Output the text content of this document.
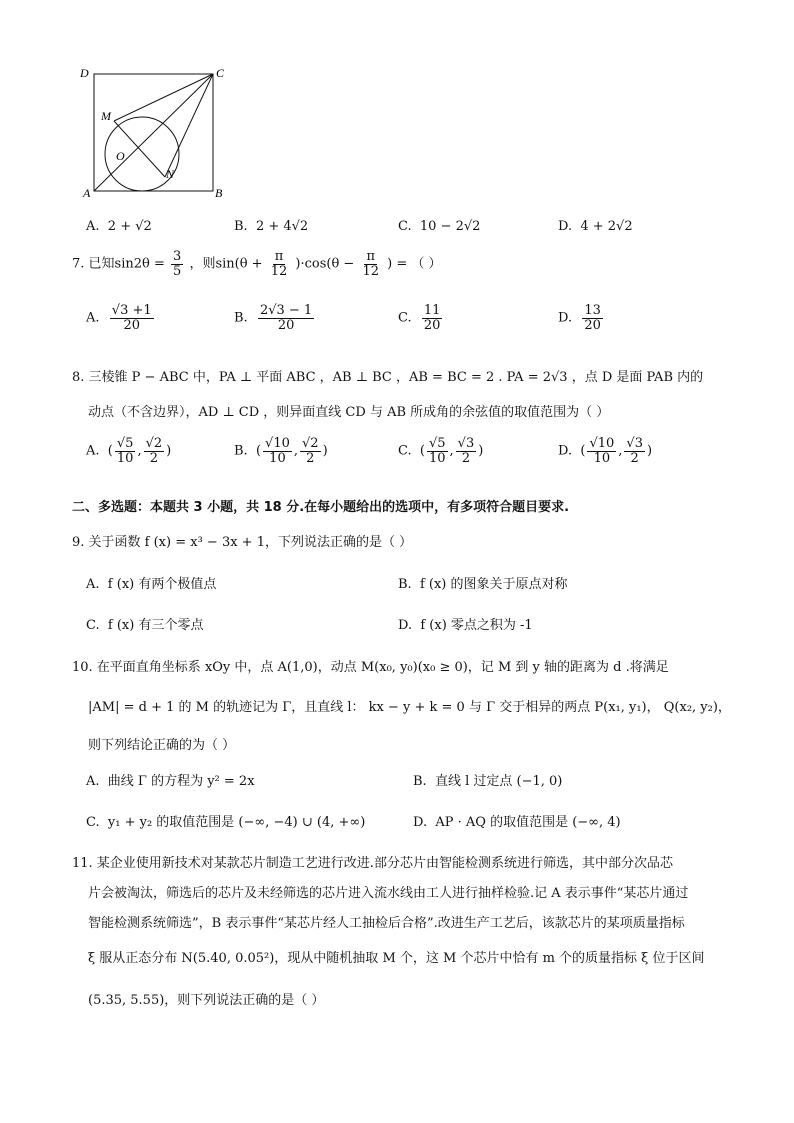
D	C
M
O
N
A	B
A. 2 + √2	B. 2 + 4√2	C. 10 − 2√2	D. 4 + 2√2
7. 已知$\sin 2\theta = \frac{3}{5}$ ，则$\sin(\theta + \frac{\pi}{12} )\cdot\cos(\theta - \frac{\pi}{12}$ ) = （ ）
A. $\frac{√3 +1}{20}$	B. $\frac{2√3 - 1}{20}$	C. $\frac{11}{20}$	D. $\frac{13}{20}$
8. 三棱锥 P − ABC 中，PA ⊥ 平面 ABC ，AB ⊥ BC ，AB = BC = 2 . PA = 2√3 ，点 D 是面 PAB 内的
动点（不含边界），AD ⊥ CD ，则异面直线 CD 与 AB 所成角的余弦值的取值范围为（ ）
A.  ( $\frac{√5}{10}$ , $\frac{√2}{2}$ )	B.  ( $\frac{√10}{10}$ , $\frac{√2}{2}$ )	C.  ( $\frac{√5}{10}$ , $\frac{√3}{2}$ )	D.  ( $\frac{√10}{10}$ , $\frac{√3}{2}$ )
二、多选题：本题共 3 小题，共 18 分.在每小题给出的选项中，有多项符合题目要求.
9. 关于函数 f (x) = x³ − 3x + 1，下列说法正确的是（ ）
A. f (x) 有两个极值点	B. f (x) 的图象关于原点对称
C. f (x) 有三个零点	D. f (x) 零点之积为 -1
10. 在平面直角坐标系 xOy 中，点 A(1,0)，动点 M(x₀, y₀)(x₀ ≥ 0)，记 M 到 y 轴的距离为 d .将满足
|AM| = d + 1 的 M 的轨迹记为 Γ，且直线 l： kx − y + k = 0 与 Γ 交于相异的两点 P(x₁, y₁)， Q(x₂, y₂)，
则下列结论正确的为（ ）
A. 曲线 Γ 的方程为 y² = 2x	B. 直线 l 过定点 (−1, 0)
C. y₁ + y₂ 的取值范围是 (−∞, −4) ∪ (4, +∞)	D. AP · AQ 的取值范围是 (−∞, 4)
11. 某企业使用新技术对某款芯片制造工艺进行改进.部分芯片由智能检测系统进行筛选，其中部分次品芯
片会被淘汰，筛选后的芯片及未经筛选的芯片进入流水线由工人进行抽样检验.记 A 表示事件“某芯片通过
智能检测系统筛选”，B 表示事件“某芯片经人工抽检后合格”.改进生产工艺后，该款芯片的某项质量指标
ξ 服从正态分布 N(5.40, 0.05²)，现从中随机抽取 M 个，这 M 个芯片中恰有 m 个的质量指标 ξ 位于区间
(5.35, 5.55)，则下列说法正确的是（ ）
